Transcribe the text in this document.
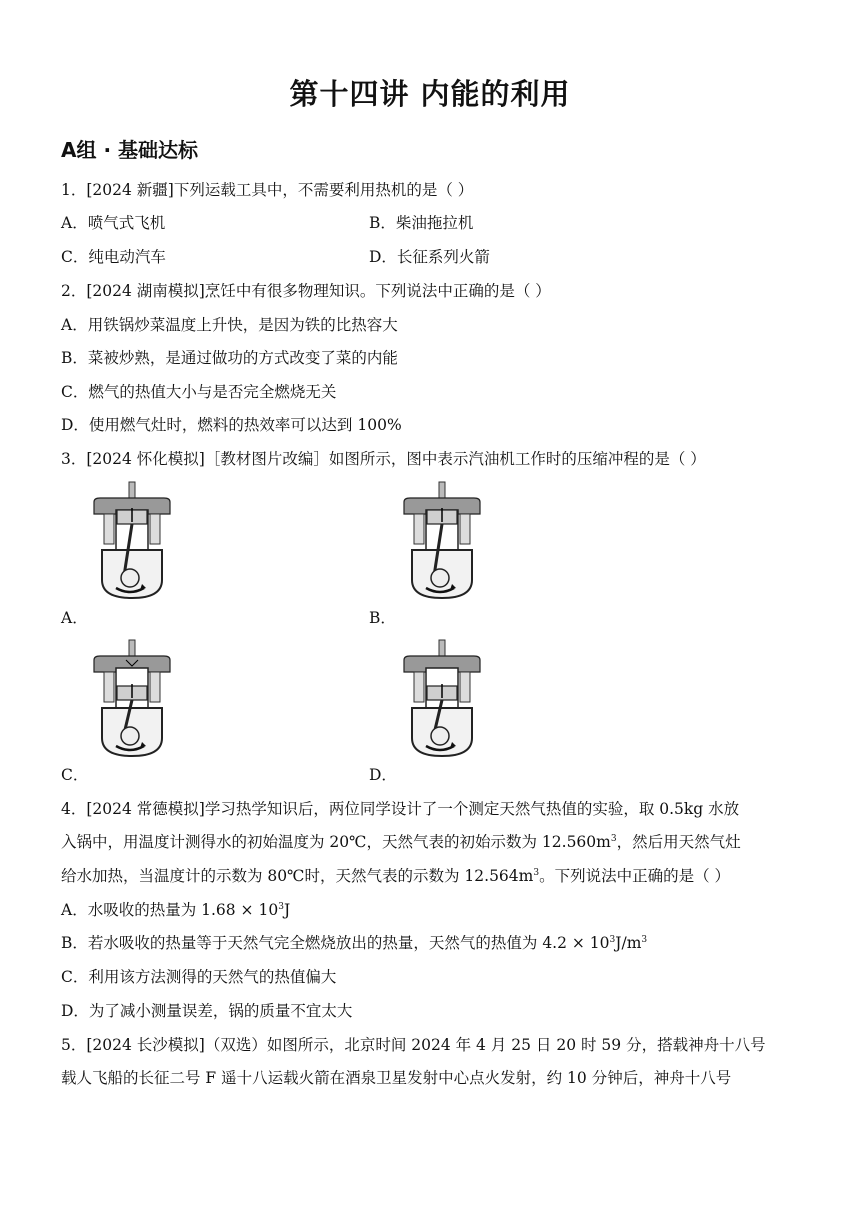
第十四讲 内能的利用
A组 · 基础达标
1．[2024 新疆]下列运载工具中，不需要利用热机的是（ ）
A．喷气式飞机	B．柴油拖拉机
C．纯电动汽车	D．长征系列火箭
2．[2024 湖南模拟]烹饪中有很多物理知识。下列说法中正确的是（ ）
A．用铁锅炒菜温度上升快，是因为铁的比热容大
B．菜被炒熟，是通过做功的方式改变了菜的内能
C．燃气的热值大小与是否完全燃烧无关
D．使用燃气灶时，燃料的热效率可以达到 100%
3．[2024 怀化模拟]［教材图片改编］如图所示，图中表示汽油机工作时的压缩冲程的是（ ）
A．	B．
C．	D．
4．[2024 常德模拟]学习热学知识后，两位同学设计了一个测定天然气热值的实验，取 0.5kg 水放
入锅中，用温度计测得水的初始温度为 20℃，天然气表的初始示数为 $12.560m^3$，然后用天然气灶
给水加热，当温度计的示数为 80℃时，天然气表的示数为 $12.564m^3$。下列说法中正确的是（ ）
A．水吸收的热量为 $1.68 \times 10^3J$
B．若水吸收的热量等于天然气完全燃烧放出的热量，天然气的热值为 $4.2 \times 10^3J/m^3$
C．利用该方法测得的天然气的热值偏大
D．为了减小测量误差，锅的质量不宜太大
5．[2024 长沙模拟]（双选）如图所示，北京时间 2024 年 4 月 25 日 20 时 59 分，搭载神舟十八号
载人飞船的长征二号 F 遥十八运载火箭在酒泉卫星发射中心点火发射，约 10 分钟后，神舟十八号
